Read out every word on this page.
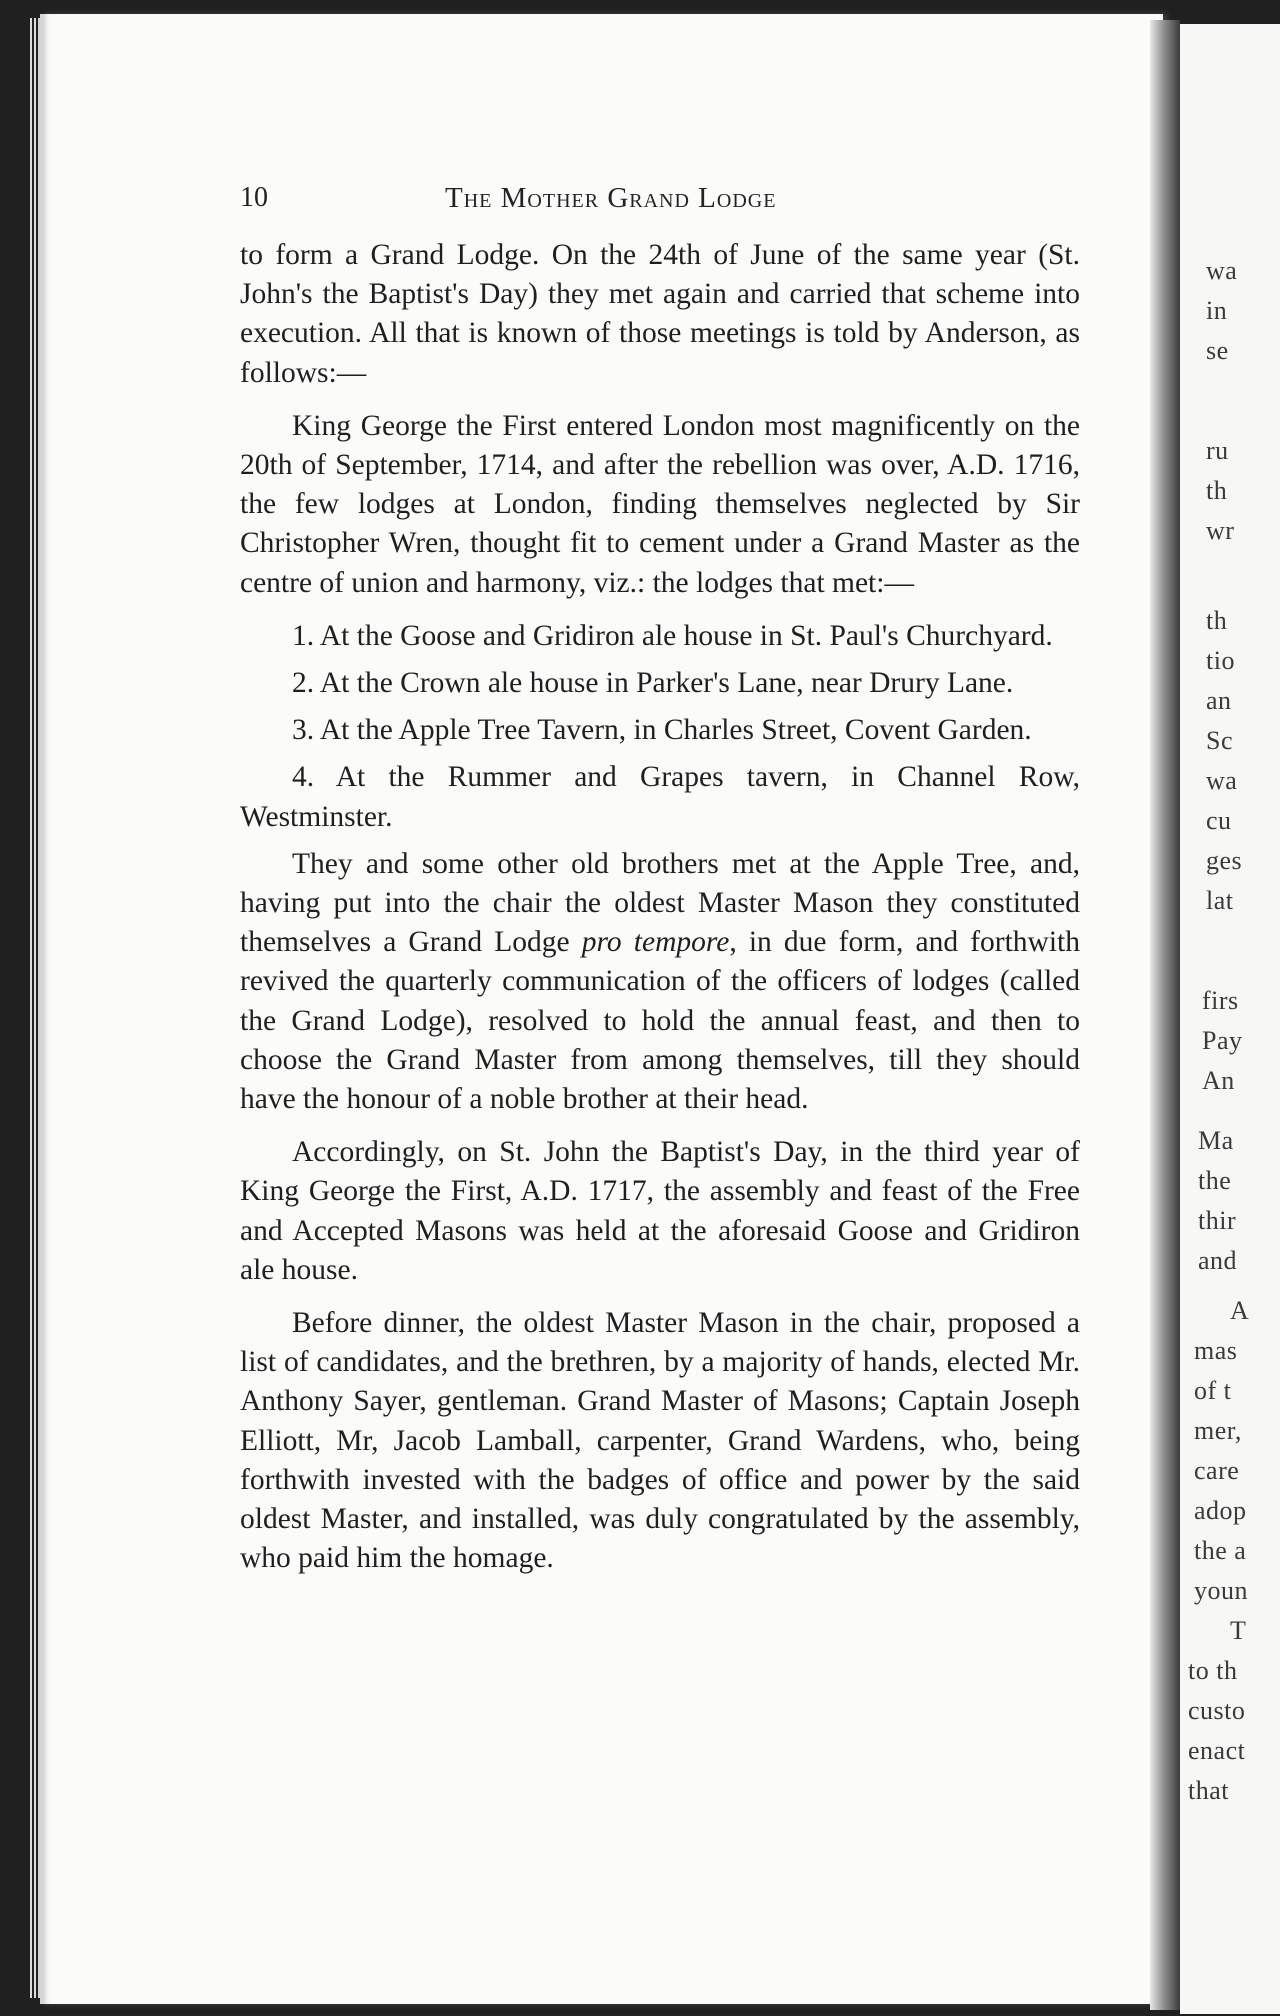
wa
in
se
ru
th
wr
th
tio
an
Sc
wa
cu
ges
lat
firs
Pay
An
Ma
the
thir
and
A
mas
of t
mer,
care
adop
the a
youn
T
to th
custo
enact
that
10	The Mother Grand Lodge

to form a Grand Lodge. On the 24th of June of the same year (St. John's the Baptist's Day) they met again and carried that scheme into execution. All that is known of those meetings is told by Anderson, as follows:—

King George the First entered London most magnificently on the 20th of September, 1714, and after the rebellion was over, A.D. 1716, the few lodges at London, finding themselves neglected by Sir Christopher Wren, thought fit to cement under a Grand Master as the centre of union and harmony, viz.: the lodges that met:—

1. At the Goose and Gridiron ale house in St. Paul's Churchyard.

2. At the Crown ale house in Parker's Lane, near Drury Lane.

3. At the Apple Tree Tavern, in Charles Street, Covent Garden.

4. At the Rummer and Grapes tavern, in Channel Row, Westminster.

They and some other old brothers met at the Apple Tree, and, having put into the chair the oldest Master Mason they constituted themselves a Grand Lodge pro tempore, in due form, and forthwith revived the quarterly communication of the officers of lodges (called the Grand Lodge), resolved to hold the annual feast, and then to choose the Grand Master from among themselves, till they should have the honour of a noble brother at their head.

Accordingly, on St. John the Baptist's Day, in the third year of King George the First, A.D. 1717, the assembly and feast of the Free and Accepted Masons was held at the aforesaid Goose and Gridiron ale house.

Before dinner, the oldest Master Mason in the chair, proposed a list of candidates, and the brethren, by a majority of hands, elected Mr. Anthony Sayer, gentleman. Grand Master of Masons; Captain Joseph Elliott, Mr, Jacob Lamball, carpenter, Grand Wardens, who, being forthwith invested with the badges of office and power by the said oldest Master, and installed, was duly congratulated by the assembly, who paid him the homage.
